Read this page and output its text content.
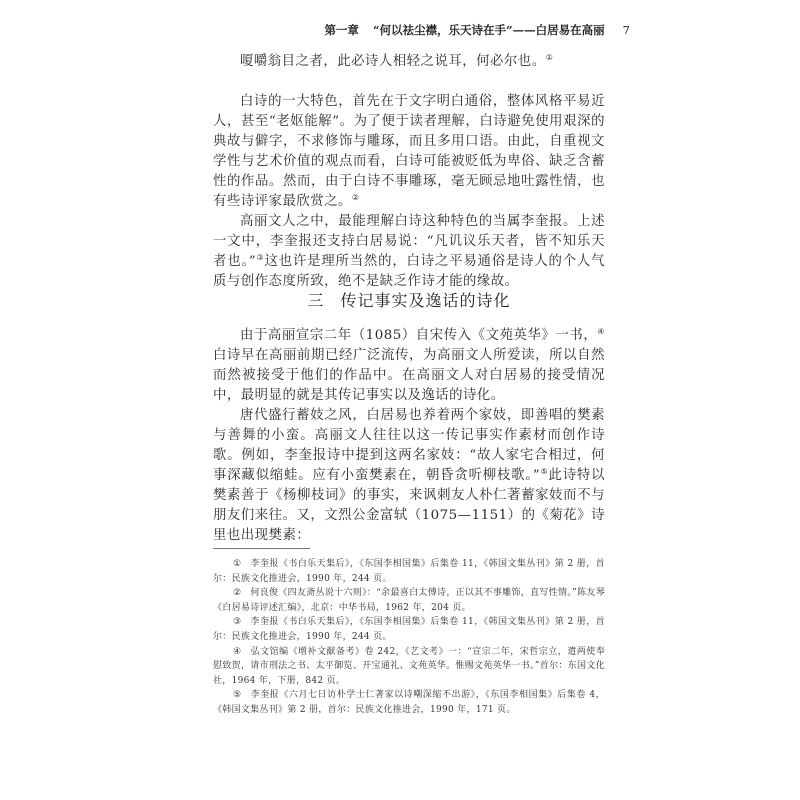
第一章 “何以祛尘襟，乐天诗在手”——白居易在高丽 7

嗄嚼翁目之者，此必诗人相轻之说耳，何必尔也。①

白诗的一大特色，首先在于文字明白通俗，整体风格平易近人，甚至“老妪能解”。为了便于读者理解，白诗避免使用艰深的典故与僻字，不求修饰与雕琢，而且多用口语。由此，自重视文学性与艺术价值的观点而看，白诗可能被贬低为卑俗、缺乏含蓄性的作品。然而，由于白诗不事雕琢，毫无顾忌地吐露性情，也有些诗评家最欣赏之。②

高丽文人之中，最能理解白诗这种特色的当属李奎报。上述一文中，李奎报还支持白居易说：“凡讥议乐天者，皆不知乐天者也。”③这也许是理所当然的，白诗之平易通俗是诗人的个人气质与创作态度所致，绝不是缺乏作诗才能的缘故。

三 传记事实及逸话的诗化

由于高丽宣宗二年（1085）自宋传入《文苑英华》一书，④白诗早在高丽前期已经广泛流传，为高丽文人所爱读，所以自然而然被接受于他们的作品中。在高丽文人对白居易的接受情况中，最明显的就是其传记事实以及逸话的诗化。

唐代盛行蓄妓之风，白居易也养着两个家妓，即善唱的樊素与善舞的小蛮。高丽文人往往以这一传记事实作素材而创作诗歌。例如，李奎报诗中提到这两名家妓：“故人家宅合相过，何事深藏似缩蛙。应有小蛮樊素在，朝昏贪听柳枝歌。”⑤此诗特以樊素善于《杨柳枝词》的事实，来讽刺友人朴仁著蓄家妓而不与朋友们来往。又，文烈公金富轼（1075—1151）的《菊花》诗里也出现樊素：

① 李奎报《书白乐天集后》，《东国李相国集》后集卷 11，《韩国文集丛刊》第 2 册，首尔：民族文化推进会，1990 年，244 页。
② 何良俊《四友斋丛说十六则》：“余最喜白太傅诗，正以其不事雕饰，直写性情。”陈友琴《白居易诗评述汇编》，北京：中华书局，1962 年，204 页。
③ 李奎报《书白乐天集后》，《东国李相国集》后集卷 11，《韩国文集丛刊》第 2 册，首尔：民族文化推进会，1990 年，244 页。
④ 弘文馆编《增补文献备考》卷 242，《艺文考》一：“宣宗二年，宋哲宗立，遣两使奉慰致贺，请市刑法之书、太平御览、开宝通礼、文苑英华。惟赐文苑英华一书。”首尔：东国文化社，1964 年，下册，842 页。
⑤ 李奎报《六月七日访朴学士仁著家以诗嘲深缩不出游》，《东国李相国集》后集卷 4，《韩国文集丛刊》第 2 册，首尔：民族文化推进会，1990 年，171 页。
